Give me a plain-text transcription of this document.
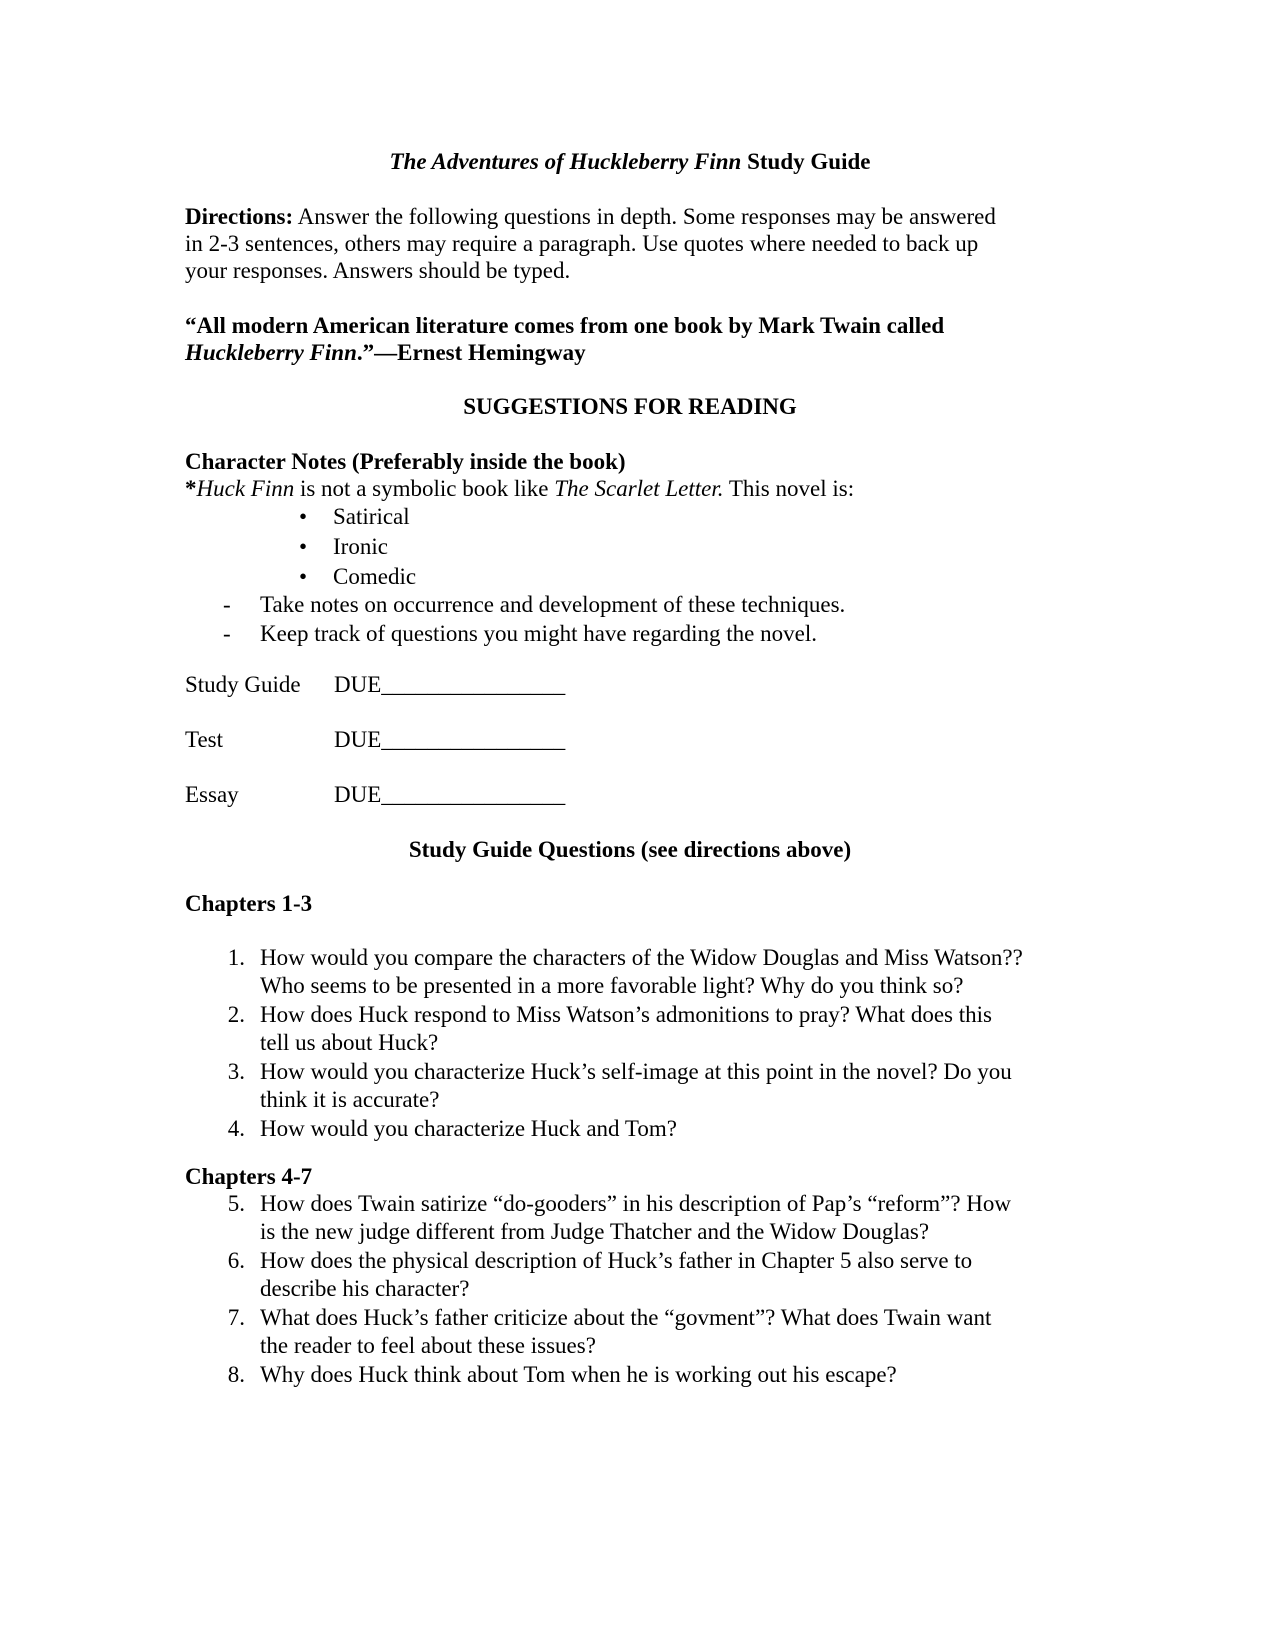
The Adventures of Huckleberry Finn Study Guide

Directions: Answer the following questions in depth. Some responses may be answered

in 2-3 sentences, others may require a paragraph. Use quotes where needed to back up

your responses. Answers should be typed.

“All modern American literature comes from one book by Mark Twain called

Huckleberry Finn.”—Ernest Hemingway

SUGGESTIONS FOR READING

Character Notes (Preferably inside the book)

*Huck Finn is not a symbolic book like The Scarlet Letter. This novel is:

• Satirical
• Ironic
• Comedic
- Take notes on occurrence and development of these techniques.
- Keep track of questions you might have regarding the novel.
Study Guide DUE________________
Test	DUE________________
Essay	DUE________________

Study Guide Questions (see directions above)

Chapters 1-3

1. How would you compare the characters of the Widow Douglas and Miss Watson??
Who seems to be presented in a more favorable light? Why do you think so?
2. How does Huck respond to Miss Watson’s admonitions to pray? What does this
tell us about Huck?
3. How would you characterize Huck’s self-image at this point in the novel? Do you
think it is accurate?
4. How would you characterize Huck and Tom?

Chapters 4-7

5. How does Twain satirize “do-gooders” in his description of Pap’s “reform”? How
is the new judge different from Judge Thatcher and the Widow Douglas?
6. How does the physical description of Huck’s father in Chapter 5 also serve to
describe his character?
7. What does Huck’s father criticize about the “govment”? What does Twain want
the reader to feel about these issues?
8. Why does Huck think about Tom when he is working out his escape?
